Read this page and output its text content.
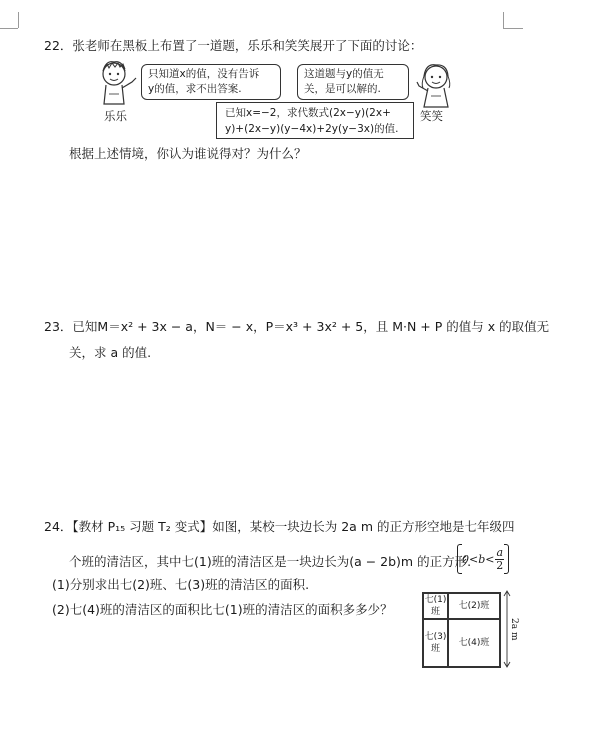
22．张老师在黑板上布置了一道题，乐乐和笑笑展开了下面的讨论：
乐乐
只知道x的值，没有告诉
y的值，求不出答案.
这道题与y的值无
关，是可以解的.
笑笑
已知x=−2，求代数式(2x−y)(2x+
y)+(2x−y)(y−4x)+2y(y−3x)的值.
根据上述情境，你认为谁说得对？为什么？
23．已知M＝x² + 3x − a，N＝ − x，P＝x³ + 3x² + 5，且 M·N + P 的值与 x 的取值无
关，求 a 的值.
24．【教材 P₁₅ 习题 T₂ 变式】如图，某校一块边长为 2a m 的正方形空地是七年级四
个班的清洁区，其中七(1)班的清洁区是一块边长为(a − 2b)m 的正方形.
$0<b< \frac{a}{2}$
(1)分别求出七(2)班、七(3)班的清洁区的面积.
(2)七(4)班的清洁区的面积比七(1)班的清洁区的面积多多少？
七(1)
班
七(2)班
七(3)
班
七(4)班
2a m
